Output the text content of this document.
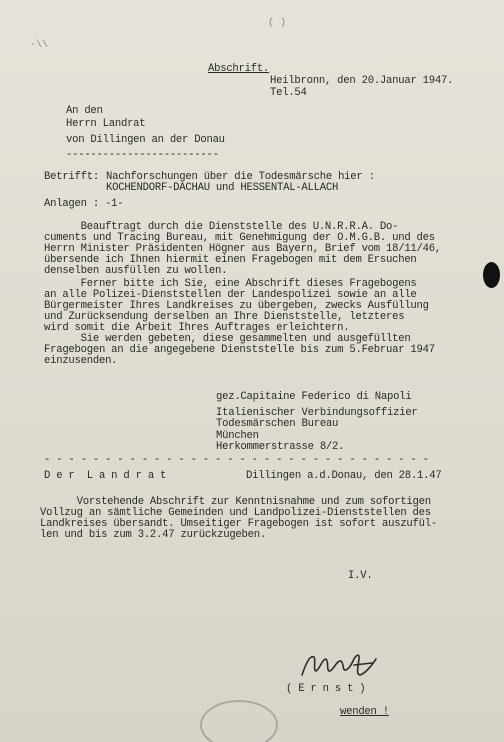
·\\
( )
Abschrift.
Heilbronn, den 20.Januar 1947.
Tel.54
An den
Herrn Landrat
von Dillingen an der Donau
-------------------------
Betrifft: Nachforschungen über die Todesmärsche hier :
KOCHENDORF-DACHAU und HESSENTAL-ALLACH
Anlagen : -1-
Beauftragt durch die Dienststelle des U.N.R.R.A. Do-
cuments und Tracing Bureau, mit Genehmigung der O.M.G.B. und des
Herrn Minister Präsidenten Högner aus Bayern, Brief vom 18/11/46,
übersende ich Ihnen hiermit einen Fragebogen mit dem Ersuchen
denselben ausfüllen zu wollen.
Ferner bitte ich Sie, eine Abschrift dieses Fragebogens
an alle Polizei-Dienststellen der Landespolizei sowie an alle
Bürgermeister Ihres Landkreises zu übergeben, zwecks Ausfüllung
und Zurücksendung derselben an Ihre Dienststelle, letzteres
wird somit die Arbeit Ihres Auftrages erleichtern.
Sie werden gebeten, diese gesammelten und ausgefüllten
Fragebogen an die angegebene Dienststelle bis zum 5.Februar 1947
einzusenden.
gez.Capitaine Federico di Napoli
Italienischer Verbindungsoffizier
Todesmärschen Bureau
München
Herkommerstrasse 8/2.
- - - - - - - - - - - - - - - - - - - - - - - - - - - - - - - -
D e r  L a n d r a t	Dillingen a.d.Donau, den 28.1.47
Vorstehende Abschrift zur Kenntnisnahme und zum sofortigen
Vollzug an sämtliche Gemeinden und Landpolizei-Dienststellen des
Landkreises übersandt. Umseitiger Fragebogen ist sofort auszufül-
len und bis zum 3.2.47 zurückzugeben.
I.V.
( E r n s t )
wenden !
